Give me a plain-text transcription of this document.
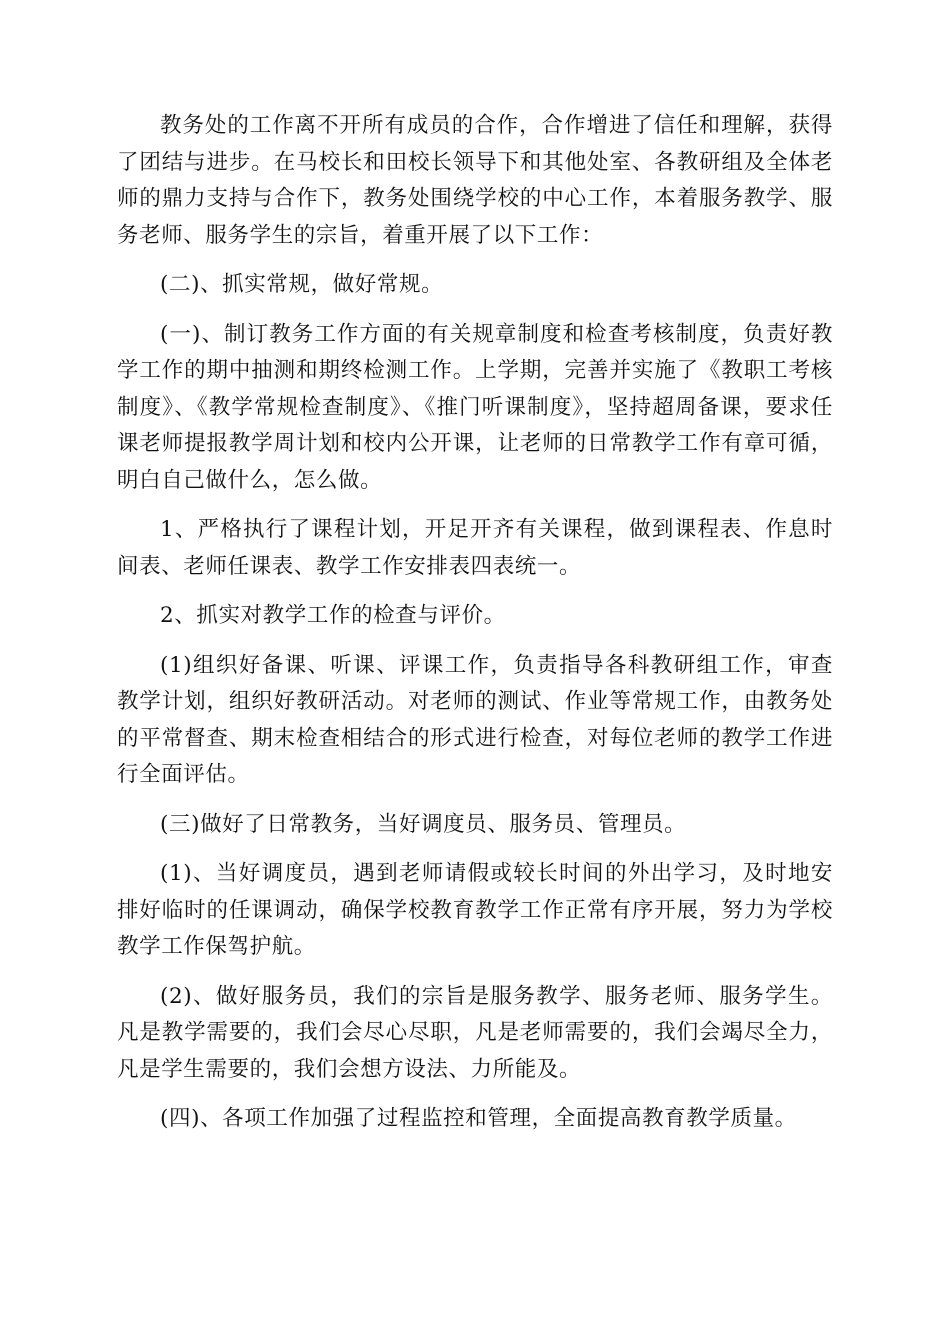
教务处的工作离不开所有成员的合作，合作增进了信任和理解，获得了团结与进步。在马校长和田校长领导下和其他处室、各教研组及全体老师的鼎力支持与合作下，教务处围绕学校的中心工作，本着服务教学、服务老师、服务学生的宗旨，着重开展了以下工作：

(二)、抓实常规，做好常规。

(一)、制订教务工作方面的有关规章制度和检查考核制度，负责好教学工作的期中抽测和期终检测工作。上学期，完善并实施了《教职工考核制度》、《教学常规检查制度》、《推门听课制度》，坚持超周备课，要求任课老师提报教学周计划和校内公开课，让老师的日常教学工作有章可循，明白自己做什么，怎么做。

1、严格执行了课程计划，开足开齐有关课程，做到课程表、作息时间表、老师任课表、教学工作安排表四表统一。

2、抓实对教学工作的检查与评价。

(1)组织好备课、听课、评课工作，负责指导各科教研组工作，审查教学计划，组织好教研活动。对老师的测试、作业等常规工作，由教务处的平常督查、期末检查相结合的形式进行检查，对每位老师的教学工作进行全面评估。

(三)做好了日常教务，当好调度员、服务员、管理员。

(1)、当好调度员，遇到老师请假或较长时间的外出学习，及时地安排好临时的任课调动，确保学校教育教学工作正常有序开展，努力为学校教学工作保驾护航。

(2)、做好服务员，我们的宗旨是服务教学、服务老师、服务学生。凡是教学需要的，我们会尽心尽职，凡是老师需要的，我们会竭尽全力，凡是学生需要的，我们会想方设法、力所能及。

(四)、各项工作加强了过程监控和管理，全面提高教育教学质量。
